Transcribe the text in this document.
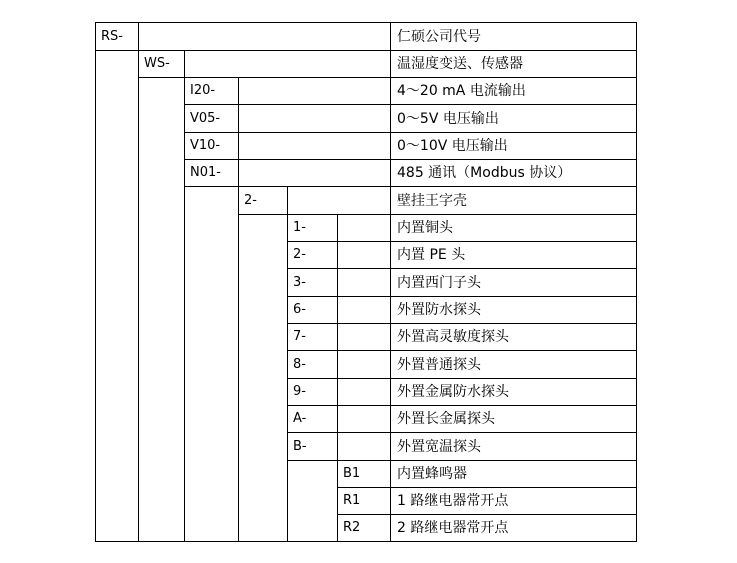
RS-
WS-
I20-
V05-
V10-
N01-
2-
1-
2-
3-
6-
7-
8-
9-
A-
B-
B1
R1
R2
仁硕公司代号
温湿度变送、传感器
4～20 mA 电流输出
0～5V 电压输出
0～10V 电压输出
485 通讯（Modbus 协议）
壁挂王字壳
内置铜头
内置 PE 头
内置西门子头
外置防水探头
外置高灵敏度探头
外置普通探头
外置金属防水探头
外置长金属探头
外置宽温探头
内置蜂鸣器
1 路继电器常开点
2 路继电器常开点
